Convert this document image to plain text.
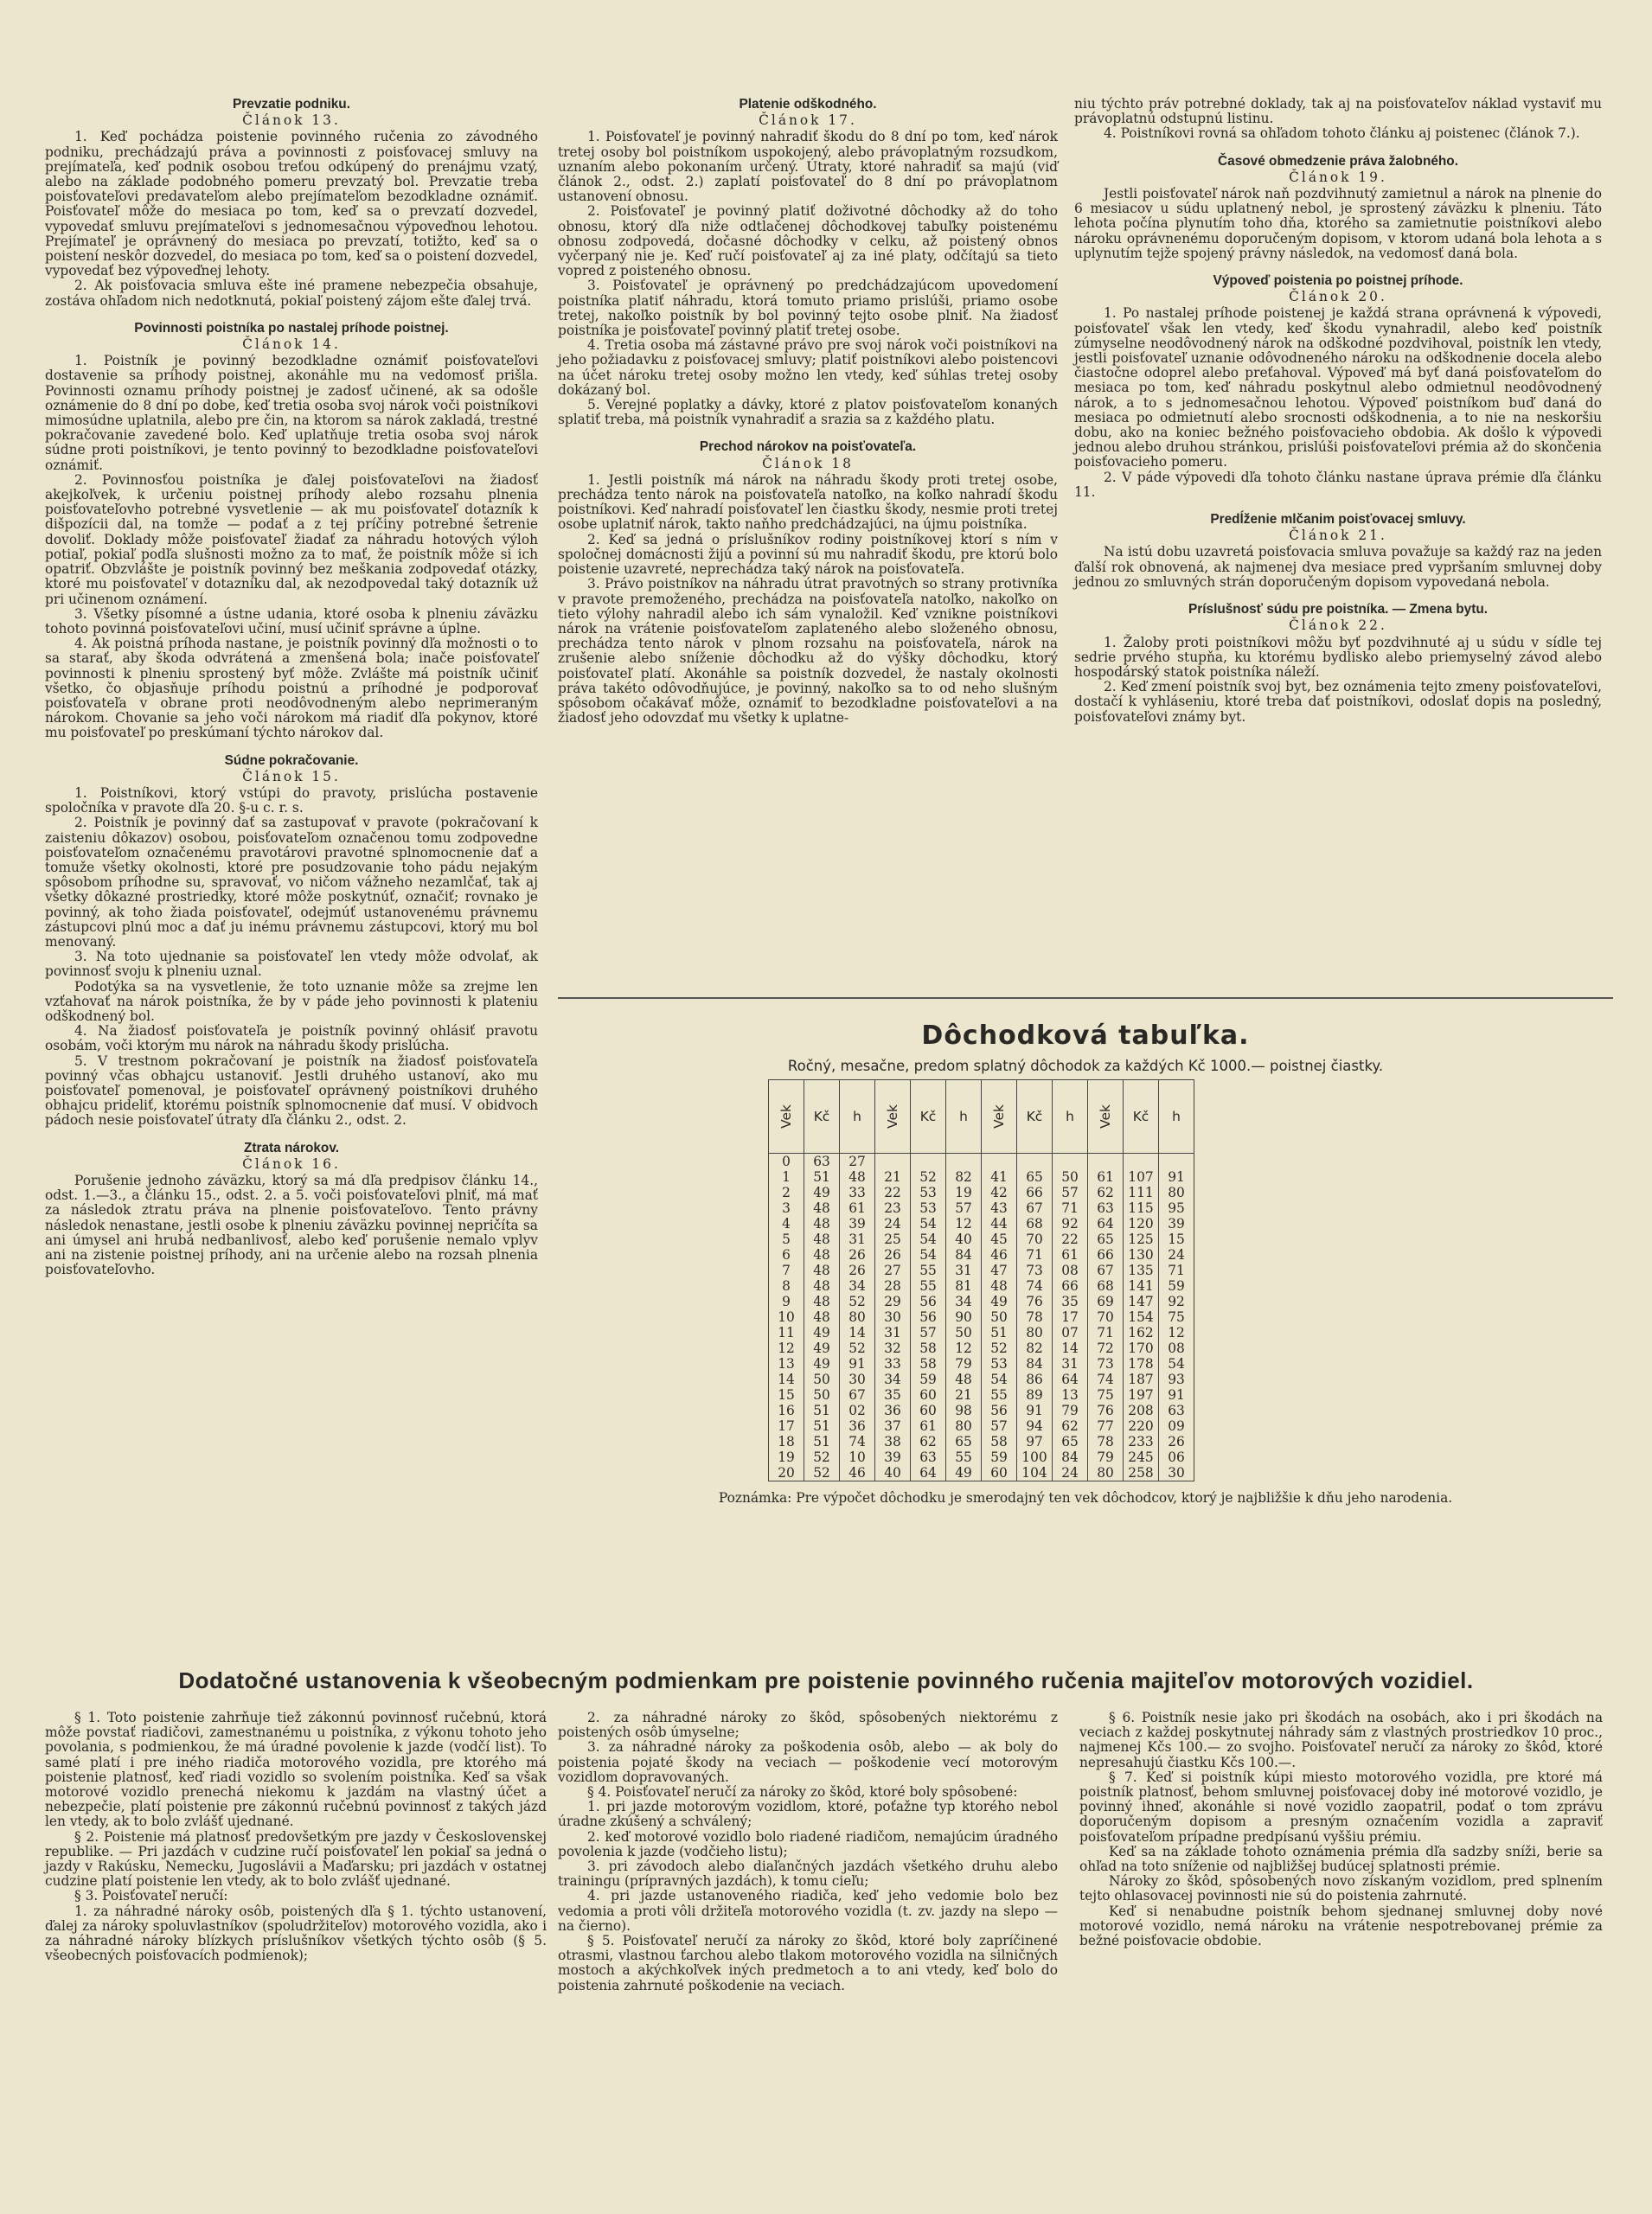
Prevzatie podniku.
Článok 13.

1. Keď pochádza poistenie povinného ručenia zo závodného podniku, prechádzajú práva a povinnosti z poisťovacej smluvy na prejímateľa, keď podnik osobou treťou odkúpený do prenájmu vzatý, alebo na základe podobného pomeru prevzatý bol. Prevzatie treba poisťovateľovi predavateľom alebo prejímateľom bezodkladne oznámiť. Poisťovateľ môže do mesiaca po tom, keď sa o prevzatí dozvedel, vypovedať smluvu prejímateľovi s jednomesačnou výpoveďnou lehotou. Prejímateľ je oprávnený do mesiaca po prevzatí, totižto, keď sa o poistení neskôr dozvedel, do mesiaca po tom, keď sa o poistení dozvedel, vypovedať bez výpoveďnej lehoty.

2. Ak poisťovacia smluva ešte iné pramene nebezpečia obsahuje, zostáva ohľadom nich nedotknutá, pokiaľ poistený zájom ešte ďalej trvá.

Povinnosti poistníka po nastalej príhode poistnej.
Článok 14.

1. Poistník je povinný bezodkladne oznámiť poisťovateľovi dostavenie sa príhody poistnej, akonáhle mu na vedomosť prišla. Povinnosti oznamu príhody poistnej je zadosť učinené, ak sa odošle oznámenie do 8 dní po dobe, keď tretia osoba svoj nárok voči poistníkovi mimosúdne uplatnila, alebo pre čin, na ktorom sa nárok zakladá, trestné pokračovanie zavedené bolo. Keď uplatňuje tretia osoba svoj nárok súdne proti poistníkovi, je tento povinný to bezodkladne poisťovateľovi oznámiť.

2. Povinnosťou poistníka je ďalej poisťovateľovi na žiadosť akejkoľvek, k určeniu poistnej príhody alebo rozsahu plnenia poisťovateľovho potrebné vysvetlenie — ak mu poisťovateľ dotazník k dišpozícii dal, na tomže — podať a z tej príčiny potrebné šetrenie dovoliť. Doklady môže poisťovateľ žiadať za náhradu hotových výloh potiaľ, pokiaľ podľa slušnosti možno za to mať, že poistník môže si ich opatriť. Obzvlášte je poistník povinný bez meškania zodpovedať otázky, ktoré mu poisťovateľ v dotazníku dal, ak nezodpovedal taký dotazník už pri učinenom oznámení.

3. Všetky písomné a ústne udania, ktoré osoba k plneniu záväzku tohoto povinná poisťovateľovi učiní, musí učiniť správne a úplne.

4. Ak poistná príhoda nastane, je poistník povinný dľa možnosti o to sa starať, aby škoda odvrátená a zmenšená bola; inače poisťovateľ povinnosti k plneniu sprostený byť môže. Zvlášte má poistník učiniť všetko, čo objasňuje príhodu poistnú a príhodné je podporovať poisťovateľa v obrane proti neodôvodneným alebo neprimeraným nárokom. Chovanie sa jeho voči nárokom má riadiť dľa pokynov, ktoré mu poisťovateľ po preskúmaní týchto nárokov dal.

Súdne pokračovanie.
Článok 15.

1. Poistníkovi, ktorý vstúpi do pravoty, prislúcha postavenie spoločníka v pravote dľa 20. §-u c. r. s.

2. Poistník je povinný dať sa zastupovať v pravote (pokračovaní k zaisteniu dôkazov) osobou, poisťovateľom označenou tomu zodpovedne poisťovateľom označenému pravotárovi pravotné splnomocnenie dať a tomuže všetky okolnosti, ktoré pre posudzovanie toho pádu nejakým spôsobom príhodne su, spravovať, vo ničom vážneho nezamlčať, tak aj všetky dôkazné prostriedky, ktoré môže poskytnúť, označiť; rovnako je povinný, ak toho žiada poisťovateľ, odejmúť ustanovenému právnemu zástupcovi plnú moc a dať ju inému právnemu zástupcovi, ktorý mu bol menovaný.

3. Na toto ujednanie sa poisťovateľ len vtedy môže odvolať, ak povinnosť svoju k plneniu uznal.

Podotýka sa na vysvetlenie, že toto uznanie môže sa zrejme len vzťahovať na nárok poistníka, že by v páde jeho povinnosti k plateniu odškodnený bol.

4. Na žiadosť poisťovateľa je poistník povinný ohlásiť pravotu osobám, voči ktorým mu nárok na náhradu škody prislúcha.

5. V trestnom pokračovaní je poistník na žiadosť poisťovateľa povinný včas obhajcu ustanoviť. Jestli druhého ustanoví, ako mu poisťovateľ pomenoval, je poisťovateľ oprávnený poistníkovi druhého obhajcu prideliť, ktorému poistník splnomocnenie dať musí. V obidvoch pádoch nesie poisťovateľ útraty dľa článku 2., odst. 2.

Ztrata nárokov.
Článok 16.

Porušenie jednoho záväzku, ktorý sa má dľa predpisov článku 14., odst. 1.—3., a článku 15., odst. 2. a 5. voči poisťovateľovi plniť, má mať za následok ztratu práva na plnenie poisťovateľovo. Tento právny následok nenastane, jestli osobe k plneniu záväzku povinnej nepričíta sa ani úmysel ani hrubá nedbanlivosť, alebo keď porušenie nemalo vplyv ani na zistenie poistnej príhody, ani na určenie alebo na rozsah plnenia poisťovateľovho.

Platenie odškodného.
Článok 17.

1. Poisťovateľ je povinný nahradiť škodu do 8 dní po tom, keď nárok tretej osoby bol poistníkom uspokojený, alebo právoplatným rozsudkom, uznaním alebo pokonaním určený. Útraty, ktoré nahradiť sa majú (viď článok 2., odst. 2.) zaplatí poisťovateľ do 8 dní po právoplatnom ustanovení obnosu.

2. Poisťovateľ je povinný platiť doživotné dôchodky až do toho obnosu, ktorý dľa niže odtlačenej dôchodkovej tabuľky poistenému obnosu zodpovedá, dočasné dôchodky v celku, až poistený obnos vyčerpaný nie je. Keď ručí poisťovateľ aj za iné platy, odčítajú sa tieto vopred z poisteného obnosu.

3. Poisťovateľ je oprávnený po predchádzajúcom upovedomení poistníka platiť náhradu, ktorá tomuto priamo prislúši, priamo osobe tretej, nakoľko poistník by bol povinný tejto osobe plniť. Na žiadosť poistníka je poisťovateľ povinný platiť tretej osobe.

4. Tretia osoba má zástavné právo pre svoj nárok voči poistníkovi na jeho požiadavku z poisťovacej smluvy; platiť poistníkovi alebo poistencovi na účet nároku tretej osoby možno len vtedy, keď súhlas tretej osoby dokázaný bol.

5. Verejné poplatky a dávky, ktoré z platov poisťovateľom konaných splatiť treba, má poistník vynahradiť a srazia sa z každého platu.

Prechod nárokov na poisťovateľa.
Článok 18

1. Jestli poistník má nárok na náhradu škody proti tretej osobe, prechádza tento nárok na poisťovateľa natoľko, na koľko nahradí škodu poistníkovi. Keď nahradí poisťovateľ len čiastku škody, nesmie proti tretej osobe uplatniť nárok, takto naňho predchádzajúci, na újmu poistníka.

2. Keď sa jedná o príslušníkov rodiny poistníkovej ktorí s ním v spoločnej domácnosti žijú a povinní sú mu nahradiť škodu, pre ktorú bolo poistenie uzavreté, neprechádza taký nárok na poisťovateľa.

3. Právo poistníkov na náhradu útrat pravotných so strany protivníka v pravote premoženého, prechádza na poisťovateľa natoľko, nakoľko on tieto výlohy nahradil alebo ich sám vynaložil. Keď vznikne poistníkovi nárok na vrátenie poisťovateľom zaplateného alebo složeného obnosu, prechádza tento nárok v plnom rozsahu na poisťovateľa, nárok na zrušenie alebo sníženie dôchodku až do výšky dôchodku, ktorý poisťovateľ platí. Akonáhle sa poistník dozvedel, že nastaly okolnosti práva takéto odôvodňujúce, je povinný, nakoľko sa to od neho slušným spôsobom očakávať môže, oznámiť to bezodkladne poisťovateľovi a na žiadosť jeho odovzdať mu všetky k uplatne-

niu týchto práv potrebné doklady, tak aj na poisťovateľov náklad vystaviť mu právoplatnú odstupnú listinu.

4. Poistníkovi rovná sa ohľadom tohoto článku aj poistenec (článok 7.).

Časové obmedzenie práva žalobného.
Článok 19.

Jestli poisťovateľ nárok naň pozdvihnutý zamietnul a nárok na plnenie do 6 mesiacov u súdu uplatnený nebol, je sprostený záväzku k plneniu. Táto lehota počína plynutím toho dňa, ktorého sa zamietnutie poistníkovi alebo nároku oprávnenému doporučeným dopisom, v ktorom udaná bola lehota a s uplynutím tejže spojený právny následok, na vedomosť daná bola.

Výpoveď poistenia po poistnej príhode.
Článok 20.

1. Po nastalej príhode poistenej je každá strana oprávnená k výpovedi, poisťovateľ však len vtedy, keď škodu vynahradil, alebo keď poistník zúmyselne neodôvodnený nárok na odškodné pozdvihoval, poistník len vtedy, jestli poisťovateľ uznanie odôvodneného nároku na odškodnenie docela alebo čiastočne odoprel alebo preťahoval. Výpoveď má byť daná poisťovateľom do mesiaca po tom, keď náhradu poskytnul alebo odmietnul neodôvodnený nárok, a to s jednomesačnou lehotou. Výpoveď poistníkom buď daná do mesiaca po odmietnutí alebo srocnosti odškodnenia, a to nie na neskoršiu dobu, ako na koniec bežného poisťovacieho obdobia. Ak došlo k výpovedi jednou alebo druhou stránkou, prislúši poisťovateľovi prémia až do skončenia poisťovacieho pomeru.

2. V páde výpovedi dľa tohoto článku nastane úprava prémie dľa článku 11.

Predĺženie mlčanim poisťovacej smluvy.
Článok 21.

Na istú dobu uzavretá poisťovacia smluva považuje sa každý raz na jeden ďalší rok obnovená, ak najmenej dva mesiace pred vypršaním smluvnej doby jednou zo smluvných strán doporučeným dopisom vypovedaná nebola.

Príslušnosť súdu pre poistníka. — Zmena bytu.
Článok 22.

1. Žaloby proti poistníkovi môžu byť pozdvihnuté aj u súdu v sídle tej sedrie prvého stupňa, ku ktorému bydlisko alebo priemyselný závod alebo hospodárský statok poistníka náleží.

2. Keď zmení poistník svoj byt, bez oznámenia tejto zmeny poisťovateľovi, dostačí k vyhláseniu, ktoré treba dať poistníkovi, odoslať dopis na posledný, poisťovateľovi známy byt.

Dôchodková tabuľka.
Ročný, mesačne, predom splatný dôchodok za každých Kč 1000.— poistnej čiastky.
Vek	Kč	h	Vek	Kč	h	Vek	Kč	h	Vek	Kč	h
0	63	27									
1	51	48	21	52	82	41	65	50	61	107	91
2	49	33	22	53	19	42	66	57	62	111	80
3	48	61	23	53	57	43	67	71	63	115	95
4	48	39	24	54	12	44	68	92	64	120	39
5	48	31	25	54	40	45	70	22	65	125	15
6	48	26	26	54	84	46	71	61	66	130	24
7	48	26	27	55	31	47	73	08	67	135	71
8	48	34	28	55	81	48	74	66	68	141	59
9	48	52	29	56	34	49	76	35	69	147	92
10	48	80	30	56	90	50	78	17	70	154	75
11	49	14	31	57	50	51	80	07	71	162	12
12	49	52	32	58	12	52	82	14	72	170	08
13	49	91	33	58	79	53	84	31	73	178	54
14	50	30	34	59	48	54	86	64	74	187	93
15	50	67	35	60	21	55	89	13	75	197	91
16	51	02	36	60	98	56	91	79	76	208	63
17	51	36	37	61	80	57	94	62	77	220	09
18	51	74	38	62	65	58	97	65	78	233	26
19	52	10	39	63	55	59	100	84	79	245	06
20	52	46	40	64	49	60	104	24	80	258	30
Poznámka: Pre výpočet dôchodku je smerodajný ten vek dôchodcov, ktorý je najbližšie k dňu jeho narodenia.
Dodatočné ustanovenia k všeobecným podmienkam pre poistenie povinného ručenia majiteľov motorových vozidiel.

§ 1. Toto poistenie zahrňuje tiež zákonnú povinnosť ručebnú, ktorá môže povstať riadičovi, zamestnanému u poistníka, z výkonu tohoto jeho povolania, s podmienkou, že má úradné povolenie k jazde (vodčí list). To samé platí i pre iného riadiča motorového vozidla, pre ktorého má poistenie platnosť, keď riadi vozidlo so svolením poistníka. Keď sa však motorové vozidlo prenechá niekomu k jazdám na vlastný účet a nebezpečie, platí poistenie pre zákonnú ručebnú povinnosť z takých jázd len vtedy, ak to bolo zvlášť ujednané.

§ 2. Poistenie má platnosť predovšetkým pre jazdy v Československej republike. — Pri jazdách v cudzine ručí poisťovateľ len pokiaľ sa jedná o jazdy v Rakúsku, Nemecku, Jugoslávii a Maďarsku; pri jazdách v ostatnej cudzine platí poistenie len vtedy, ak to bolo zvlášť ujednané.

§ 3. Poisťovateľ neručí:

1. za náhradné nároky osôb, poistených dľa § 1. týchto ustanovení, ďalej za nároky spoluvlastníkov (spoludržiteľov) motorového vozidla, ako i za náhradné nároky blízkych príslušníkov všetkých týchto osôb (§ 5. všeobecných poisťovacích podmienok);

2. za náhradné nároky zo škôd, spôsobených niektorému z poistených osôb úmyselne;

3. za náhradné nároky za poškodenia osôb, alebo — ak boly do poistenia pojaté škody na veciach — poškodenie vecí motorovým vozidlom dopravovaných.

§ 4. Poisťovateľ neručí za nároky zo škôd, ktoré boly spôsobené:

1. pri jazde motorovým vozidlom, ktoré, poťažne typ ktorého nebol úradne zkúšený a schválený;

2. keď motorové vozidlo bolo riadené riadičom, nemajúcim úradného povolenia k jazde (vodčieho listu);

3. pri závodoch alebo diaľančných jazdách všetkého druhu alebo trainingu (prípravných jazdách), k tomu cieľu;

4. pri jazde ustanoveného riadiča, keď jeho vedomie bolo bez vedomia a proti vôli držiteľa motorového vozidla (t. zv. jazdy na slepo — na čierno).

§ 5. Poisťovateľ neručí za nároky zo škôd, ktoré boly zapríčinené otrasmi, vlastnou ťarchou alebo tlakom motorového vozidla na silničných mostoch a akýchkoľvek iných predmetoch a to ani vtedy, keď bolo do poistenia zahrnuté poškodenie na veciach.

§ 6. Poistník nesie jako pri škodách na osobách, ako i pri škodách na veciach z každej poskytnutej náhrady sám z vlastných prostriedkov 10 proc., najmenej Kčs 100.— zo svojho. Poisťovateľ neručí za nároky zo škôd, ktoré nepresahujú čiastku Kčs 100.—.

§ 7. Keď si poistník kúpi miesto motorového vozidla, pre ktoré má poistník platnosť, behom smluvnej poisťovacej doby iné motorové vozidlo, je povinný ihneď, akonáhle si nové vozidlo zaopatril, podať o tom zprávu doporučeným dopisom a presným označením vozidla a zapraviť poisťovateľom prípadne predpísanú vyššiu prémiu.

Keď sa na základe tohoto oznámenia prémia dľa sadzby sníži, berie sa ohľad na toto sníženie od najbližšej budúcej splatnosti prémie.

Nároky zo škôd, spôsobených novo získaným vozidlom, pred splnením tejto ohlasovacej povinnosti nie sú do poistenia zahrnuté.

Keď si nenabudne poistník behom sjednanej smluvnej doby nové motorové vozidlo, nemá nároku na vrátenie nespotrebovanej prémie za bežné poisťovacie obdobie.
